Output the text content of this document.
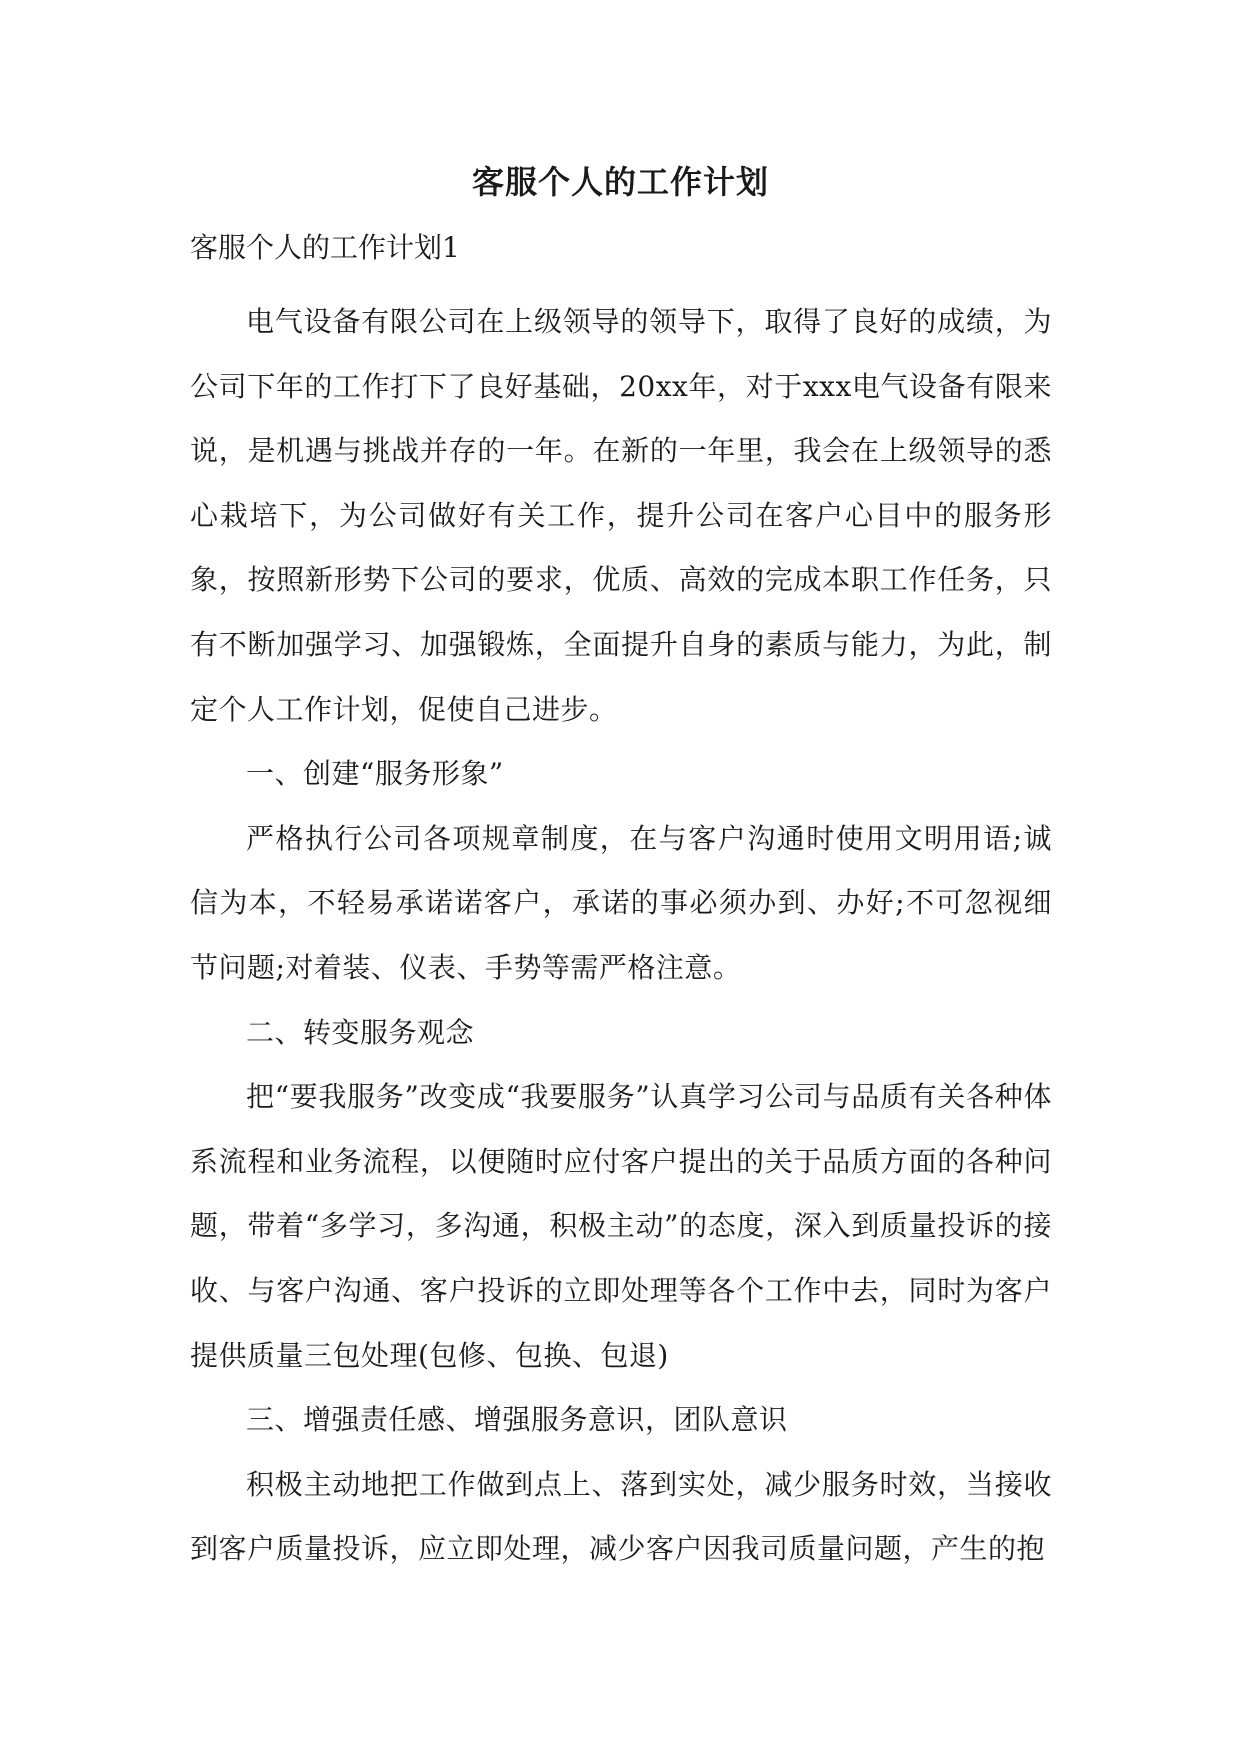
客服个人的工作计划

客服个人的工作计划1

电气设备有限公司在上级领导的领导下，取得了良好的成绩，为公司下年的工作打下了良好基础，20xx年，对于xxx电气设备有限来说，是机遇与挑战并存的一年。在新的一年里，我会在上级领导的悉心栽培下，为公司做好有关工作，提升公司在客户心目中的服务形象，按照新形势下公司的要求，优质、高效的完成本职工作任务，只有不断加强学习、加强锻炼，全面提升自身的素质与能力，为此，制定个人工作计划，促使自己进步。

一、创建“服务形象”

严格执行公司各项规章制度，在与客户沟通时使用文明用语;诚信为本，不轻易承诺诺客户，承诺的事必须办到、办好;不可忽视细节问题;对着装、仪表、手势等需严格注意。

二、转变服务观念

把“要我服务”改变成“我要服务”认真学习公司与品质有关各种体系流程和业务流程，以便随时应付客户提出的关于品质方面的各种问题，带着“多学习，多沟通，积极主动”的态度，深入到质量投诉的接收、与客户沟通、客户投诉的立即处理等各个工作中去，同时为客户提供质量三包处理(包修、包换、包退)

三、增强责任感、增强服务意识，团队意识

积极主动地把工作做到点上、落到实处，减少服务时效，当接收到客户质量投诉，应立即处理，减少客户因我司质量问题，产生的抱
